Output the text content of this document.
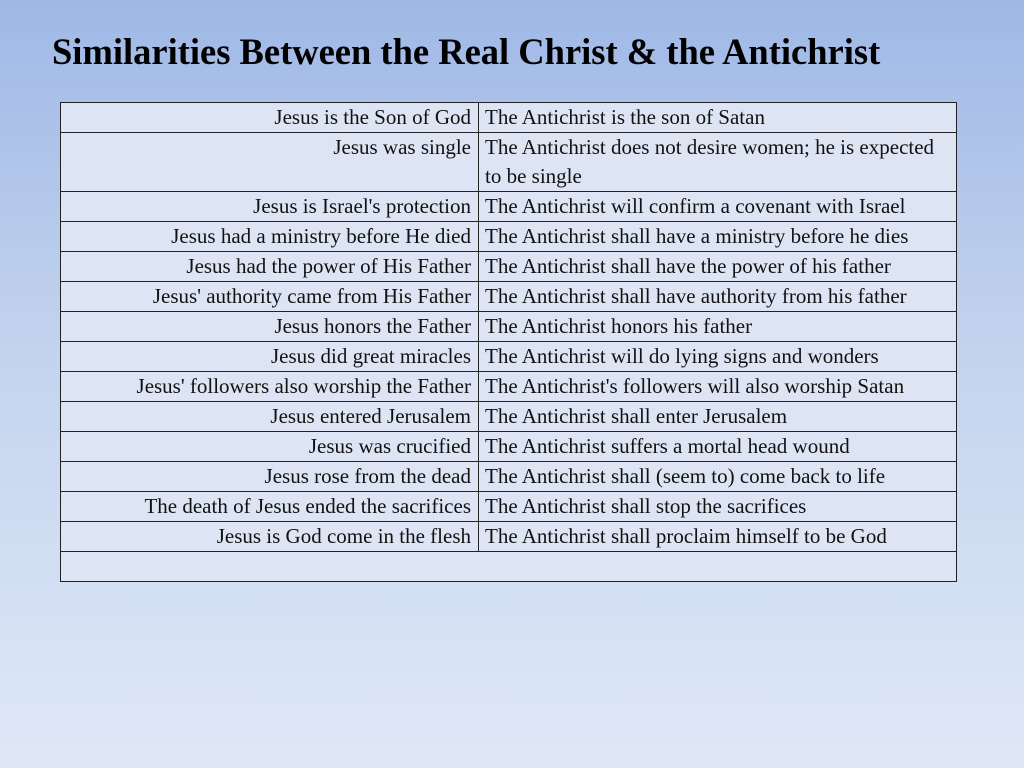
Similarities Between the Real Christ & the Antichrist
Jesus is the Son of God	The Antichrist is the son of Satan
Jesus was single	The Antichrist does not desire women; he is expected to be single
Jesus is Israel's protection	The Antichrist will confirm a covenant with Israel
Jesus had a ministry before He died	The Antichrist shall have a ministry before he dies
Jesus had the power of His Father	The Antichrist shall have the power of his father
Jesus' authority came from His Father	The Antichrist shall have authority from his father
Jesus honors the Father	The Antichrist honors his father
Jesus did great miracles	The Antichrist will do lying signs and wonders
Jesus' followers also worship the Father	The Antichrist's followers will also worship Satan
Jesus entered Jerusalem	The Antichrist shall enter Jerusalem
Jesus was crucified	The Antichrist suffers a mortal head wound
Jesus rose from the dead	The Antichrist shall (seem to) come back to life
The death of Jesus ended the sacrifices	The Antichrist shall stop the sacrifices
Jesus is God come in the flesh	The Antichrist shall proclaim himself to be God
